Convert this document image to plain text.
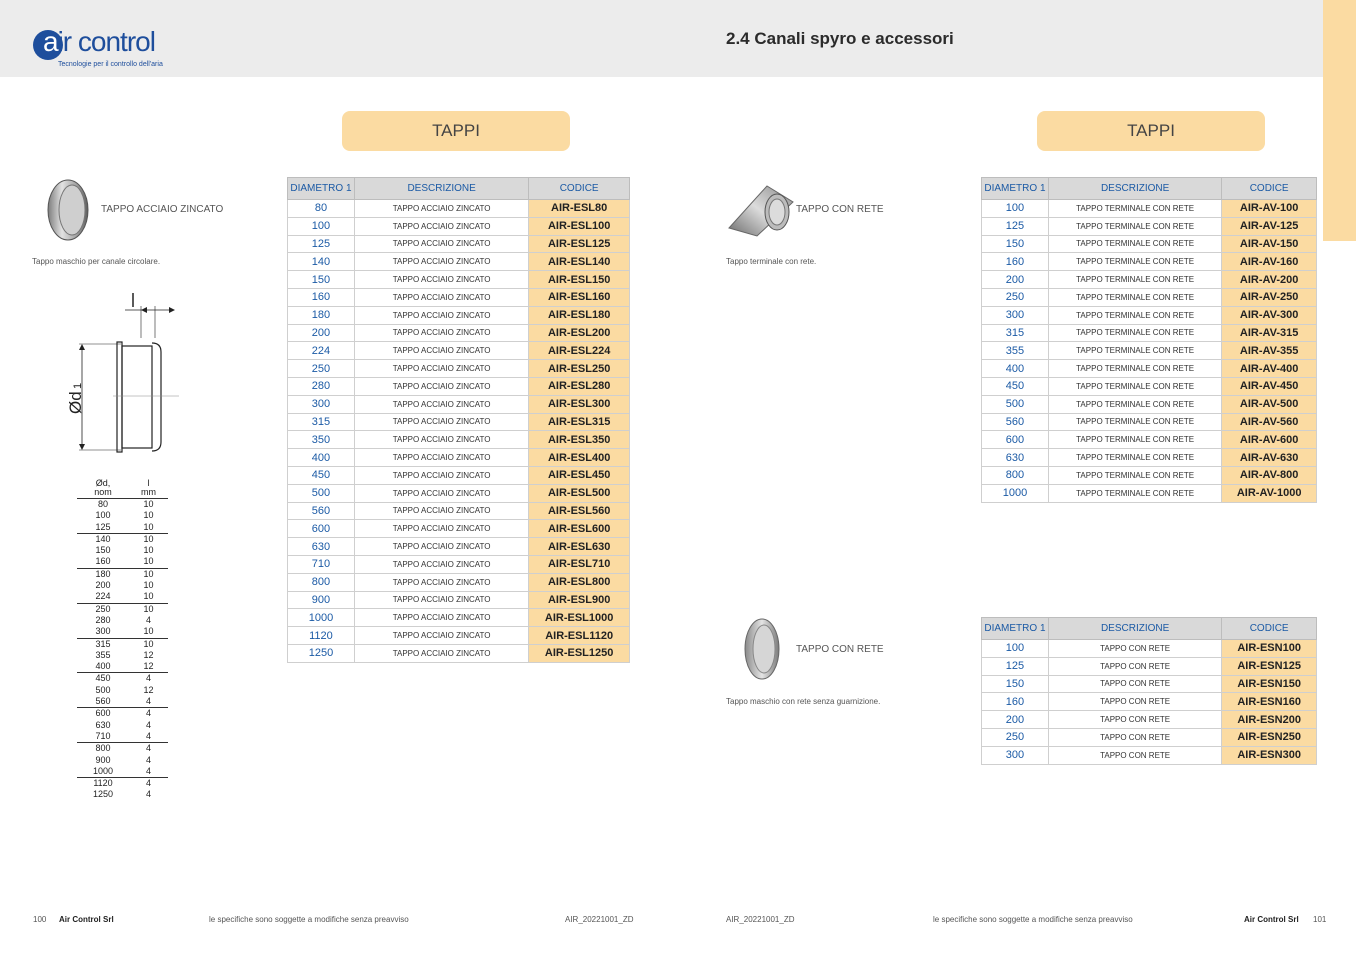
air control
Tecnologie per il controllo dell'aria
2.4 Canali spyro e accessori
TAPPI
TAPPO ACCIAIO ZINCATO
Tappo maschio per canale circolare.
Ød
1
Ød,
nom	l
mm
80	10
100	10
125	10
140	10
150	10
160	10
180	10
200	10
224	10
250	10
280	4
300	10
315	10
355	12
400	12
450	4
500	12
560	4
600	4
630	4
710	4
800	4
900	4
1000	4
1120	4
1250	4
DIAMETRO 1	DESCRIZIONE	CODICE
80	TAPPO ACCIAIO ZINCATO	AIR-ESL80
100	TAPPO ACCIAIO ZINCATO	AIR-ESL100
125	TAPPO ACCIAIO ZINCATO	AIR-ESL125
140	TAPPO ACCIAIO ZINCATO	AIR-ESL140
150	TAPPO ACCIAIO ZINCATO	AIR-ESL150
160	TAPPO ACCIAIO ZINCATO	AIR-ESL160
180	TAPPO ACCIAIO ZINCATO	AIR-ESL180
200	TAPPO ACCIAIO ZINCATO	AIR-ESL200
224	TAPPO ACCIAIO ZINCATO	AIR-ESL224
250	TAPPO ACCIAIO ZINCATO	AIR-ESL250
280	TAPPO ACCIAIO ZINCATO	AIR-ESL280
300	TAPPO ACCIAIO ZINCATO	AIR-ESL300
315	TAPPO ACCIAIO ZINCATO	AIR-ESL315
350	TAPPO ACCIAIO ZINCATO	AIR-ESL350
400	TAPPO ACCIAIO ZINCATO	AIR-ESL400
450	TAPPO ACCIAIO ZINCATO	AIR-ESL450
500	TAPPO ACCIAIO ZINCATO	AIR-ESL500
560	TAPPO ACCIAIO ZINCATO	AIR-ESL560
600	TAPPO ACCIAIO ZINCATO	AIR-ESL600
630	TAPPO ACCIAIO ZINCATO	AIR-ESL630
710	TAPPO ACCIAIO ZINCATO	AIR-ESL710
800	TAPPO ACCIAIO ZINCATO	AIR-ESL800
900	TAPPO ACCIAIO ZINCATO	AIR-ESL900
1000	TAPPO ACCIAIO ZINCATO	AIR-ESL1000
1120	TAPPO ACCIAIO ZINCATO	AIR-ESL1120
1250	TAPPO ACCIAIO ZINCATO	AIR-ESL1250
TAPPI
TAPPO CON RETE
Tappo terminale con rete.
DIAMETRO 1	DESCRIZIONE	CODICE
100	TAPPO TERMINALE CON RETE	AIR-AV-100
125	TAPPO TERMINALE CON RETE	AIR-AV-125
150	TAPPO TERMINALE CON RETE	AIR-AV-150
160	TAPPO TERMINALE CON RETE	AIR-AV-160
200	TAPPO TERMINALE CON RETE	AIR-AV-200
250	TAPPO TERMINALE CON RETE	AIR-AV-250
300	TAPPO TERMINALE CON RETE	AIR-AV-300
315	TAPPO TERMINALE CON RETE	AIR-AV-315
355	TAPPO TERMINALE CON RETE	AIR-AV-355
400	TAPPO TERMINALE CON RETE	AIR-AV-400
450	TAPPO TERMINALE CON RETE	AIR-AV-450
500	TAPPO TERMINALE CON RETE	AIR-AV-500
560	TAPPO TERMINALE CON RETE	AIR-AV-560
600	TAPPO TERMINALE CON RETE	AIR-AV-600
630	TAPPO TERMINALE CON RETE	AIR-AV-630
800	TAPPO TERMINALE CON RETE	AIR-AV-800
1000	TAPPO TERMINALE CON RETE	AIR-AV-1000
TAPPO CON RETE
Tappo maschio con rete senza guarnizione.
DIAMETRO 1	DESCRIZIONE	CODICE
100	TAPPO CON RETE	AIR-ESN100
125	TAPPO CON RETE	AIR-ESN125
150	TAPPO CON RETE	AIR-ESN150
160	TAPPO CON RETE	AIR-ESN160
200	TAPPO CON RETE	AIR-ESN200
250	TAPPO CON RETE	AIR-ESN250
300	TAPPO CON RETE	AIR-ESN300
100 Air Control Srl	le specifiche sono soggette a modifiche senza preavviso	AIR_20221001_ZD	AIR_20221001_ZD	le specifiche sono soggette a modifiche senza preavviso	Air Control Srl 101
